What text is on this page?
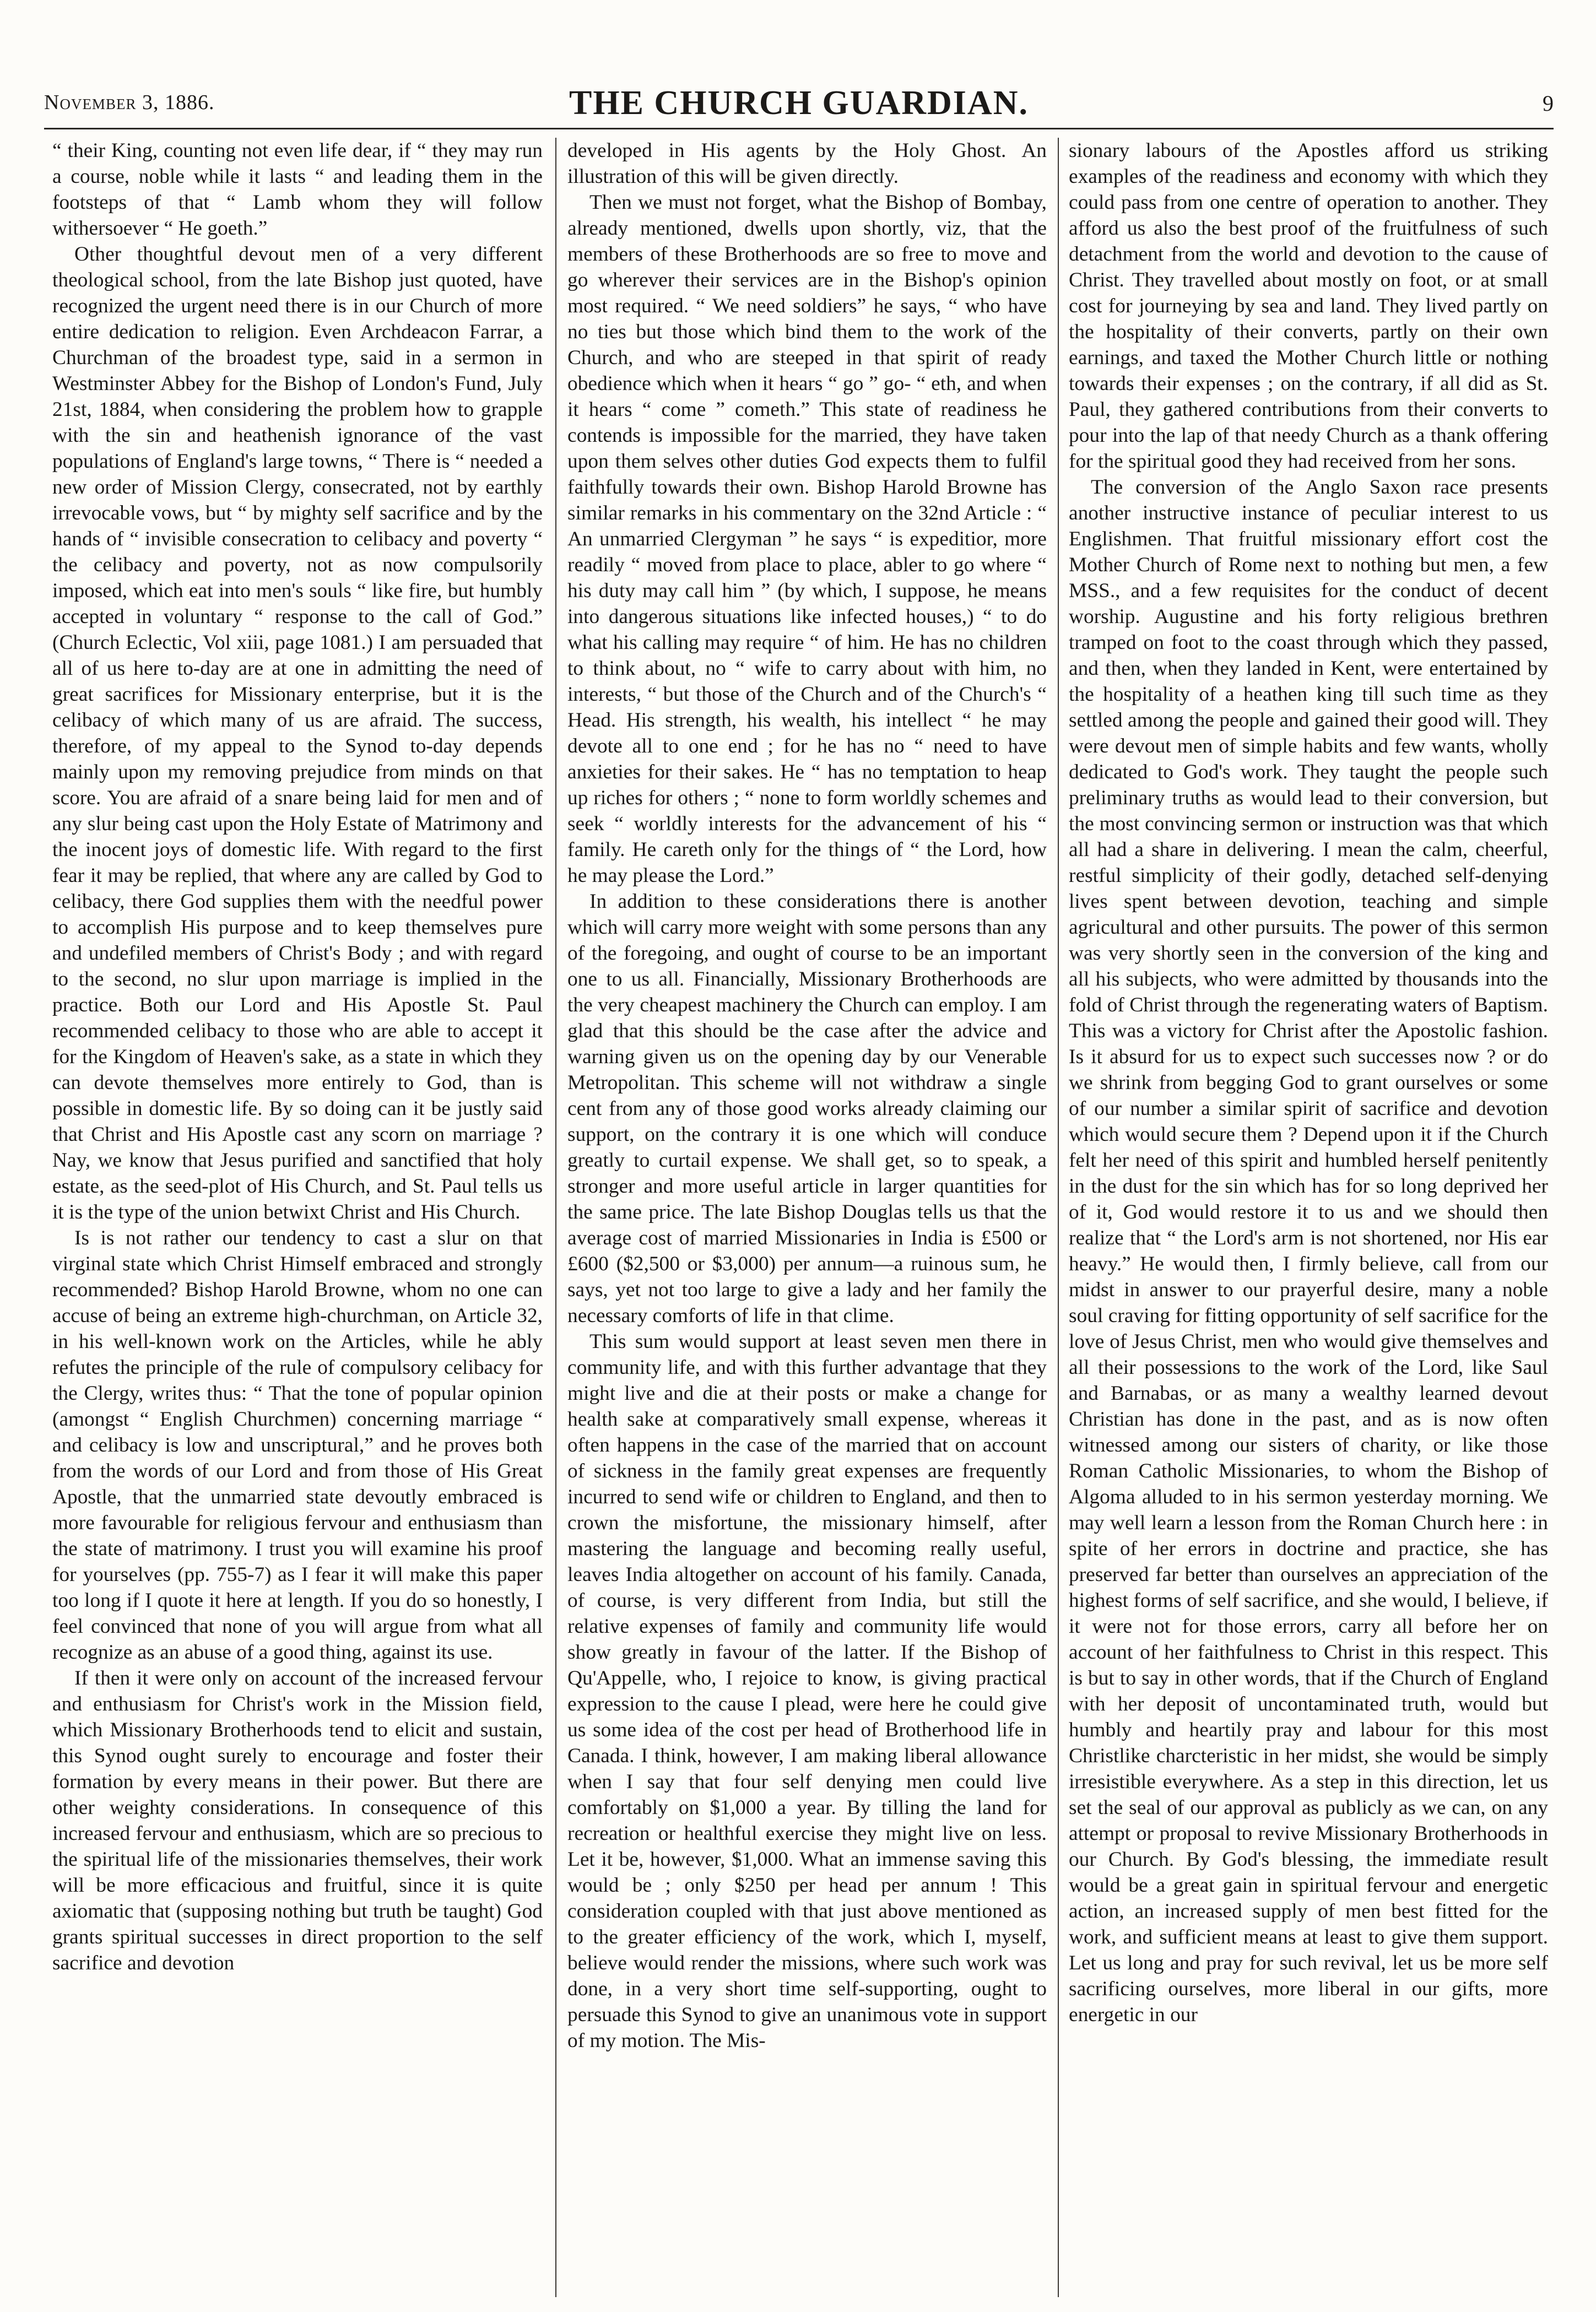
November 3, 1886.	THE CHURCH GUARDIAN.	9

“ their King, counting not even life dear, if “ they may run a course, noble while it lasts “ and leading them in the footsteps of that “ Lamb whom they will follow withersoever “ He goeth.”

Other thoughtful devout men of a very different theological school, from the late Bishop just quoted, have recognized the urgent need there is in our Church of more entire dedication to religion. Even Archdeacon Farrar, a Churchman of the broadest type, said in a sermon in Westminster Abbey for the Bishop of London's Fund, July 21st, 1884, when considering the problem how to grapple with the sin and heathenish ignorance of the vast populations of England's large towns, “ There is “ needed a new order of Mission Clergy, consecrated, not by earthly irrevocable vows, but “ by mighty self sacrifice and by the hands of “ invisible consecration to celibacy and poverty “ the celibacy and poverty, not as now compulsorily imposed, which eat into men's souls “ like fire, but humbly accepted in voluntary “ response to the call of God.” (Church Eclectic, Vol xiii, page 1081.) I am persuaded that all of us here to-day are at one in admitting the need of great sacrifices for Missionary enterprise, but it is the celibacy of which many of us are afraid. The success, therefore, of my appeal to the Synod to-day depends mainly upon my removing prejudice from minds on that score. You are afraid of a snare being laid for men and of any slur being cast upon the Holy Estate of Matrimony and the inocent joys of domestic life. With regard to the first fear it may be replied, that where any are called by God to celibacy, there God supplies them with the needful power to accomplish His purpose and to keep themselves pure and undefiled members of Christ's Body ; and with regard to the second, no slur upon marriage is implied in the practice. Both our Lord and His Apostle St. Paul recommended celibacy to those who are able to accept it for the Kingdom of Heaven's sake, as a state in which they can devote themselves more entirely to God, than is possible in domestic life. By so doing can it be justly said that Christ and His Apostle cast any scorn on marriage ? Nay, we know that Jesus purified and sanctified that holy estate, as the seed-plot of His Church, and St. Paul tells us it is the type of the union betwixt Christ and His Church.

Is is not rather our tendency to cast a slur on that virginal state which Christ Himself embraced and strongly recommended? Bishop Harold Browne, whom no one can accuse of being an extreme high-churchman, on Article 32, in his well-known work on the Articles, while he ably refutes the principle of the rule of compulsory celibacy for the Clergy, writes thus: “ That the tone of popular opinion (amongst “ English Churchmen) concerning marriage “ and celibacy is low and unscriptural,” and he proves both from the words of our Lord and from those of His Great Apostle, that the unmarried state devoutly embraced is more favourable for religious fervour and enthusiasm than the state of matrimony. I trust you will examine his proof for yourselves (pp. 755-7) as I fear it will make this paper too long if I quote it here at length. If you do so honestly, I feel convinced that none of you will argue from what all recognize as an abuse of a good thing, against its use.

If then it were only on account of the increased fervour and enthusiasm for Christ's work in the Mission field, which Missionary Brotherhoods tend to elicit and sustain, this Synod ought surely to encourage and foster their formation by every means in their power. But there are other weighty considerations. In consequence of this increased fervour and enthusiasm, which are so precious to the spiritual life of the missionaries themselves, their work will be more efficacious and fruitful, since it is quite axiomatic that (supposing nothing but truth be taught) God grants spiritual successes in direct proportion to the self sacrifice and devotion

developed in His agents by the Holy Ghost. An illustration of this will be given directly.

Then we must not forget, what the Bishop of Bombay, already mentioned, dwells upon shortly, viz, that the members of these Brotherhoods are so free to move and go wherever their services are in the Bishop's opinion most required. “ We need soldiers” he says, “ who have no ties but those which bind them to the work of the Church, and who are steeped in that spirit of ready obedience which when it hears “ go ” go- “ eth, and when it hears “ come ” cometh.” This state of readiness he contends is impossible for the married, they have taken upon them selves other duties God expects them to fulfil faithfully towards their own. Bishop Harold Browne has similar remarks in his commentary on the 32nd Article : “ An unmarried Clergyman ” he says “ is expeditior, more readily “ moved from place to place, abler to go where “ his duty may call him ” (by which, I suppose, he means into dangerous situations like infected houses,) “ to do what his calling may require “ of him. He has no children to think about, no “ wife to carry about with him, no interests, “ but those of the Church and of the Church's “ Head. His strength, his wealth, his intellect “ he may devote all to one end ; for he has no “ need to have anxieties for their sakes. He “ has no temptation to heap up riches for others ; “ none to form worldly schemes and seek “ worldly interests for the advancement of his “ family. He careth only for the things of “ the Lord, how he may please the Lord.”

In addition to these considerations there is another which will carry more weight with some persons than any of the foregoing, and ought of course to be an important one to us all. Financially, Missionary Brotherhoods are the very cheapest machinery the Church can employ. I am glad that this should be the case after the advice and warning given us on the opening day by our Venerable Metropolitan. This scheme will not withdraw a single cent from any of those good works already claiming our support, on the contrary it is one which will conduce greatly to curtail expense. We shall get, so to speak, a stronger and more useful article in larger quantities for the same price. The late Bishop Douglas tells us that the average cost of married Missionaries in India is £500 or £600 ($2,500 or $3,000) per annum—a ruinous sum, he says, yet not too large to give a lady and her family the necessary comforts of life in that clime.

This sum would support at least seven men there in community life, and with this further advantage that they might live and die at their posts or make a change for health sake at comparatively small expense, whereas it often happens in the case of the married that on account of sickness in the family great expenses are frequently incurred to send wife or children to England, and then to crown the misfortune, the missionary himself, after mastering the language and becoming really useful, leaves India altogether on account of his family. Canada, of course, is very different from India, but still the relative expenses of family and community life would show greatly in favour of the latter. If the Bishop of Qu'Appelle, who, I rejoice to know, is giving practical expression to the cause I plead, were here he could give us some idea of the cost per head of Brotherhood life in Canada. I think, however, I am making liberal allowance when I say that four self denying men could live comfortably on $1,000 a year. By tilling the land for recreation or healthful exercise they might live on less. Let it be, however, $1,000. What an immense saving this would be ; only $250 per head per annum ! This consideration coupled with that just above mentioned as to the greater efficiency of the work, which I, myself, believe would render the missions, where such work was done, in a very short time self-supporting, ought to persuade this Synod to give an unanimous vote in support of my motion. The Mis-

sionary labours of the Apostles afford us striking examples of the readiness and economy with which they could pass from one centre of operation to another. They afford us also the best proof of the fruitfulness of such detachment from the world and devotion to the cause of Christ. They travelled about mostly on foot, or at small cost for journeying by sea and land. They lived partly on the hospitality of their converts, partly on their own earnings, and taxed the Mother Church little or nothing towards their expenses ; on the contrary, if all did as St. Paul, they gathered contributions from their converts to pour into the lap of that needy Church as a thank offering for the spiritual good they had received from her sons.

The conversion of the Anglo Saxon race presents another instructive instance of peculiar interest to us Englishmen. That fruitful missionary effort cost the Mother Church of Rome next to nothing but men, a few MSS., and a few requisites for the conduct of decent worship. Augustine and his forty religious brethren tramped on foot to the coast through which they passed, and then, when they landed in Kent, were entertained by the hospitality of a heathen king till such time as they settled among the people and gained their good will. They were devout men of simple habits and few wants, wholly dedicated to God's work. They taught the people such preliminary truths as would lead to their conversion, but the most convincing sermon or instruction was that which all had a share in delivering. I mean the calm, cheerful, restful simplicity of their godly, detached self-denying lives spent between devotion, teaching and simple agricultural and other pursuits. The power of this sermon was very shortly seen in the conversion of the king and all his subjects, who were admitted by thousands into the fold of Christ through the regenerating waters of Baptism. This was a victory for Christ after the Apostolic fashion. Is it absurd for us to expect such successes now ? or do we shrink from begging God to grant ourselves or some of our number a similar spirit of sacrifice and devotion which would secure them ? Depend upon it if the Church felt her need of this spirit and humbled herself penitently in the dust for the sin which has for so long deprived her of it, God would restore it to us and we should then realize that “ the Lord's arm is not shortened, nor His ear heavy.” He would then, I firmly believe, call from our midst in answer to our prayerful desire, many a noble soul craving for fitting opportunity of self sacrifice for the love of Jesus Christ, men who would give themselves and all their possessions to the work of the Lord, like Saul and Barnabas, or as many a wealthy learned devout Christian has done in the past, and as is now often witnessed among our sisters of charity, or like those Roman Catholic Missionaries, to whom the Bishop of Algoma alluded to in his sermon yesterday morning. We may well learn a lesson from the Roman Church here : in spite of her errors in doctrine and practice, she has preserved far better than ourselves an appreciation of the highest forms of self sacrifice, and she would, I believe, if it were not for those errors, carry all before her on account of her faithfulness to Christ in this respect. This is but to say in other words, that if the Church of England with her deposit of uncontaminated truth, would but humbly and heartily pray and labour for this most Christlike charcteristic in her midst, she would be simply irresistible everywhere. As a step in this direction, let us set the seal of our approval as publicly as we can, on any attempt or proposal to revive Missionary Brotherhoods in our Church. By God's blessing, the immediate result would be a great gain in spiritual fervour and energetic action, an increased supply of men best fitted for the work, and sufficient means at least to give them support. Let us long and pray for such revival, let us be more self sacrificing ourselves, more liberal in our gifts, more energetic in our
